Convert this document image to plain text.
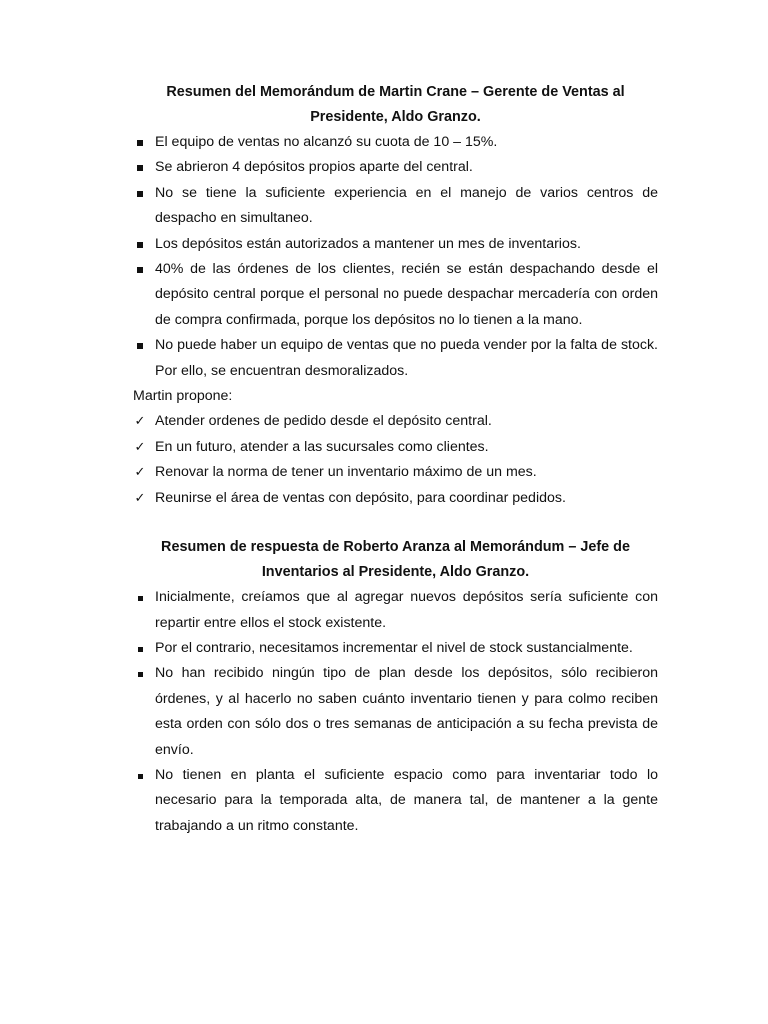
Resumen del Memorándum de Martin Crane – Gerente de Ventas al
Presidente, Aldo Granzo.
El equipo de ventas no alcanzó su cuota de 10 – 15%.
Se abrieron 4 depósitos propios aparte del central.
No se tiene la suficiente experiencia en el manejo de varios centros de despacho en simultaneo.
Los depósitos están autorizados a mantener un mes de inventarios.
40% de las órdenes de los clientes, recién se están despachando desde el depósito central porque el personal no puede despachar mercadería con orden de compra confirmada, porque los depósitos no lo tienen a la mano.
No puede haber un equipo de ventas que no pueda vender por la falta de stock. Por ello, se encuentran desmoralizados.

Martin propone:

✓ Atender ordenes de pedido desde el depósito central.
✓ En un futuro, atender a las sucursales como clientes.
✓ Renovar la norma de tener un inventario máximo de un mes.
✓ Reunirse el área de ventas con depósito, para coordinar pedidos.
Resumen de respuesta de Roberto Aranza al Memorándum – Jefe de
Inventarios al Presidente, Aldo Granzo.
Inicialmente, creíamos que al agregar nuevos depósitos sería suficiente con repartir entre ellos el stock existente.
Por el contrario, necesitamos incrementar el nivel de stock sustancialmente.
No han recibido ningún tipo de plan desde los depósitos, sólo recibieron órdenes, y al hacerlo no saben cuánto inventario tienen y para colmo reciben esta orden con sólo dos o tres semanas de anticipación a su fecha prevista de envío.
No tienen en planta el suficiente espacio como para inventariar todo lo necesario para la temporada alta, de manera tal, de mantener a la gente trabajando a un ritmo constante.
